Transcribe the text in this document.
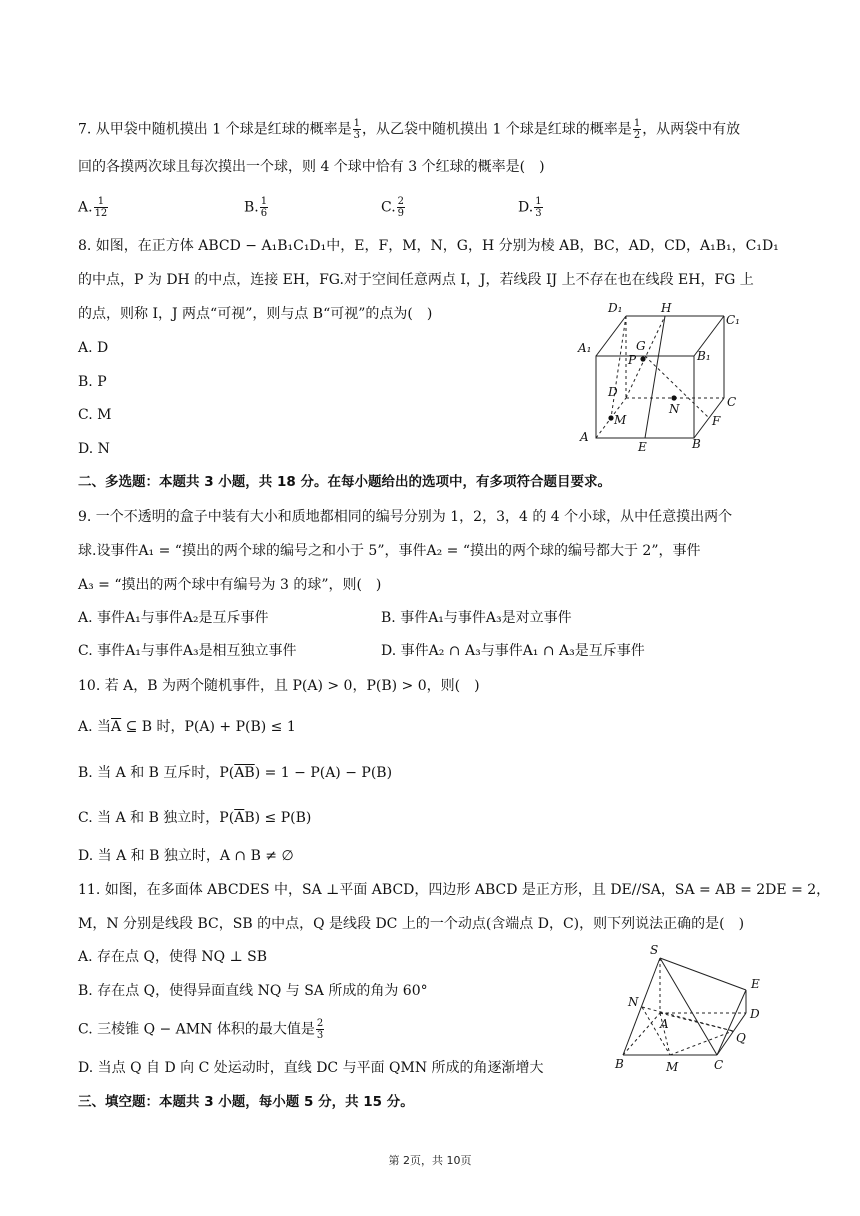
7. 从甲袋中随机摸出 1 个球是红球的概率是 $\frac{1}{3}$ ，从乙袋中随机摸出 1 个球是红球的概率是 $\frac{1}{2}$ ，从两袋中有放
回的各摸两次球且每次摸出一个球，则 4 个球中恰有 3 个红球的概率是(　)
A. $\frac{1}{12}$	B. $\frac{1}{6}$	C. $\frac{2}{9}$	D. $\frac{1}{3}$
8. 如图，在正方体 ABCD − A₁B₁C₁D₁中，E，F，M，N，G，H 分别为棱 AB，BC，AD，CD，A₁B₁，C₁D₁
的中点，P 为 DH 的中点，连接 EH，FG.对于空间任意两点 I，J，若线段 IJ 上不存在也在线段 EH，FG 上
的点，则称 I，J 两点“可视”，则与点 B“可视”的点为(　)
A. D
B. P
C. M
D. N
D₁	H
C₁
A₁	G
P	B₁
D
N	C
M	F
A
E	B
二、多选题：本题共 3 小题，共 18 分。在每小题给出的选项中，有多项符合题目要求。
9. 一个不透明的盒子中装有大小和质地都相同的编号分别为 1，2，3，4 的 4 个小球，从中任意摸出两个
球.设事件A₁ = “摸出的两个球的编号之和小于 5”，事件A₂ = “摸出的两个球的编号都大于 2”，事件
A₃ = “摸出的两个球中有编号为 3 的球”，则(　)
A. 事件A₁与事件A₂是互斥事件	B. 事件A₁与事件A₃是对立事件
C. 事件A₁与事件A₃是相互独立事件	D. 事件A₂ ∩ A₃与事件A₁ ∩ A₃是互斥事件
10. 若 A，B 为两个随机事件，且 P(A) > 0，P(B) > 0，则(　)
A. 当$\overline{A}$ ⊆ B 时，P(A) + P(B) ≤ 1
B. 当 A 和 B 互斥时，$P(\overline{AB}) = 1 - P(A) - P(B)$
C. 当 A 和 B 独立时，$P(\overline{A}B) \le P(B)$
D. 当 A 和 B 独立时，A ∩ B ≠ ∅
11. 如图，在多面体 ABCDES 中，SA ⊥平面 ABCD，四边形 ABCD 是正方形，且 DE//SA，SA = AB = 2DE = 2，
M，N 分别是线段 BC，SB 的中点，Q 是线段 DC 上的一个动点(含端点 D，C)，则下列说法正确的是(　)
A. 存在点 Q，使得 NQ ⊥ SB
B. 存在点 Q，使得异面直线 NQ 与 SA 所成的角为 60°
C. 三棱锥 Q − AMN 体积的最大值是 $\frac{2}{3}$
D. 当点 Q 自 D 向 C 处运动时，直线 DC 与平面 QMN 所成的角逐渐增大
S
E
N
A
D
Q
B	M	C
三、填空题：本题共 3 小题，每小题 5 分，共 15 分。
第 2页，共 10页
